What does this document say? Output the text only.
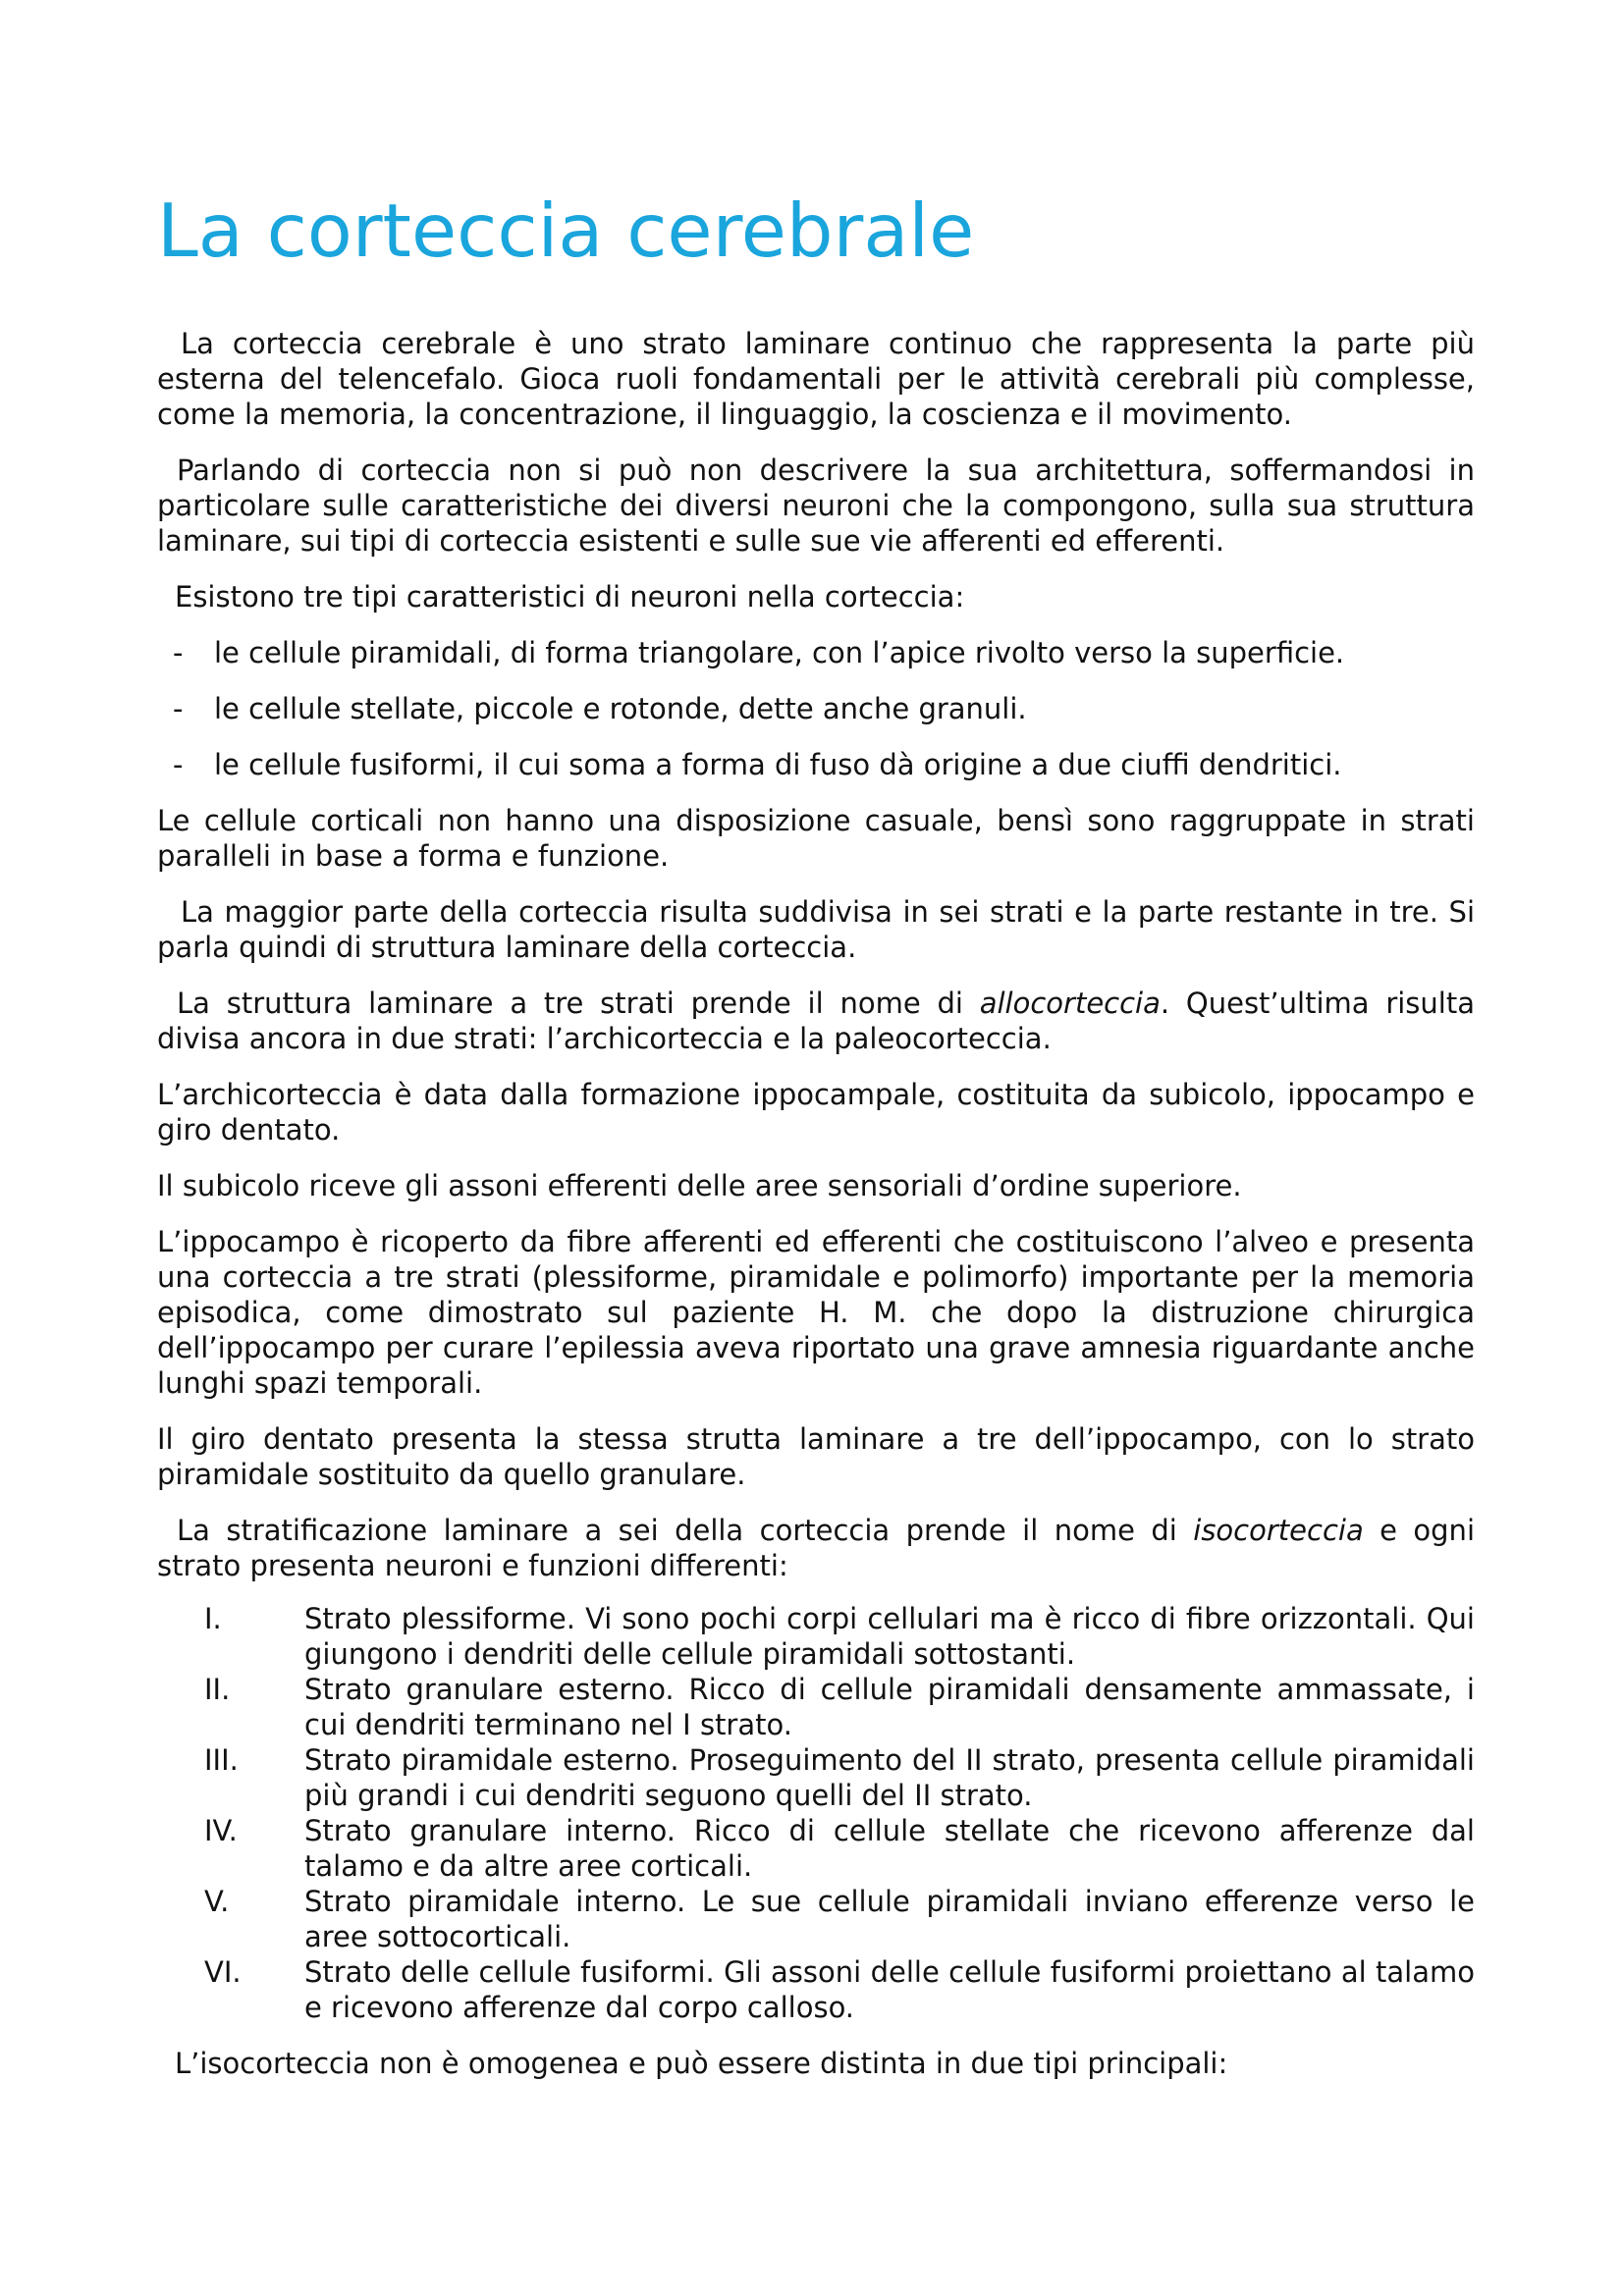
La corteccia cerebrale

La corteccia cerebrale è uno strato laminare continuo che rappresenta la parte più esterna del telencefalo. Gioca ruoli fondamentali per le attività cerebrali più complesse, come la memoria, la concentrazione, il linguaggio, la coscienza e il movimento.

Parlando di corteccia non si può non descrivere la sua architettura, soffermandosi in particolare sulle caratteristiche dei diversi neuroni che la compongono, sulla sua struttura laminare, sui tipi di corteccia esistenti e sulle sue vie afferenti ed efferenti.

Esistono tre tipi caratteristici di neuroni nella corteccia:

- le cellule piramidali, di forma triangolare, con l’apice rivolto verso la superficie.
- le cellule stellate, piccole e rotonde, dette anche granuli.
- le cellule fusiformi, il cui soma a forma di fuso dà origine a due ciuffi dendritici.

Le cellule corticali non hanno una disposizione casuale, bensì sono raggruppate in strati paralleli in base a forma e funzione.

La maggior parte della corteccia risulta suddivisa in sei strati e la parte restante in tre. Si parla quindi di struttura laminare della corteccia.

La struttura laminare a tre strati prende il nome di allocorteccia. Quest’ultima risulta divisa ancora in due strati: l’archicorteccia e la paleocorteccia.

L’archicorteccia è data dalla formazione ippocampale, costituita da subicolo, ippocampo e giro dentato.

Il subicolo riceve gli assoni efferenti delle aree sensoriali d’ordine superiore.

L’ippocampo è ricoperto da fibre afferenti ed efferenti che costituiscono l’alveo e presenta una corteccia a tre strati (plessiforme, piramidale e polimorfo) importante per la memoria episodica, come dimostrato sul paziente H. M. che dopo la distruzione chirurgica dell’ippocampo per curare l’epilessia aveva riportato una grave amnesia riguardante anche lunghi spazi temporali.

Il giro dentato presenta la stessa strutta laminare a tre dell’ippocampo, con lo strato piramidale sostituito da quello granulare.

La stratificazione laminare a sei della corteccia prende il nome di isocorteccia e ogni strato presenta neuroni e funzioni differenti:

I.	Strato plessiforme. Vi sono pochi corpi cellulari ma è ricco di fibre orizzontali. Qui giungono i dendriti delle cellule piramidali sottostanti.
II.	Strato granulare esterno. Ricco di cellule piramidali densamente ammassate, i cui dendriti terminano nel I strato.
III. Strato piramidale esterno. Proseguimento del II strato, presenta cellule piramidali più grandi i cui dendriti seguono quelli del II strato.
IV. Strato granulare interno. Ricco di cellule stellate che ricevono afferenze dal talamo e da altre aree corticali.
V.	Strato piramidale interno. Le sue cellule piramidali inviano efferenze verso le aree sottocorticali.
VI. Strato delle cellule fusiformi. Gli assoni delle cellule fusiformi proiettano al talamo e ricevono afferenze dal corpo calloso.

L’isocorteccia non è omogenea e può essere distinta in due tipi principali:
